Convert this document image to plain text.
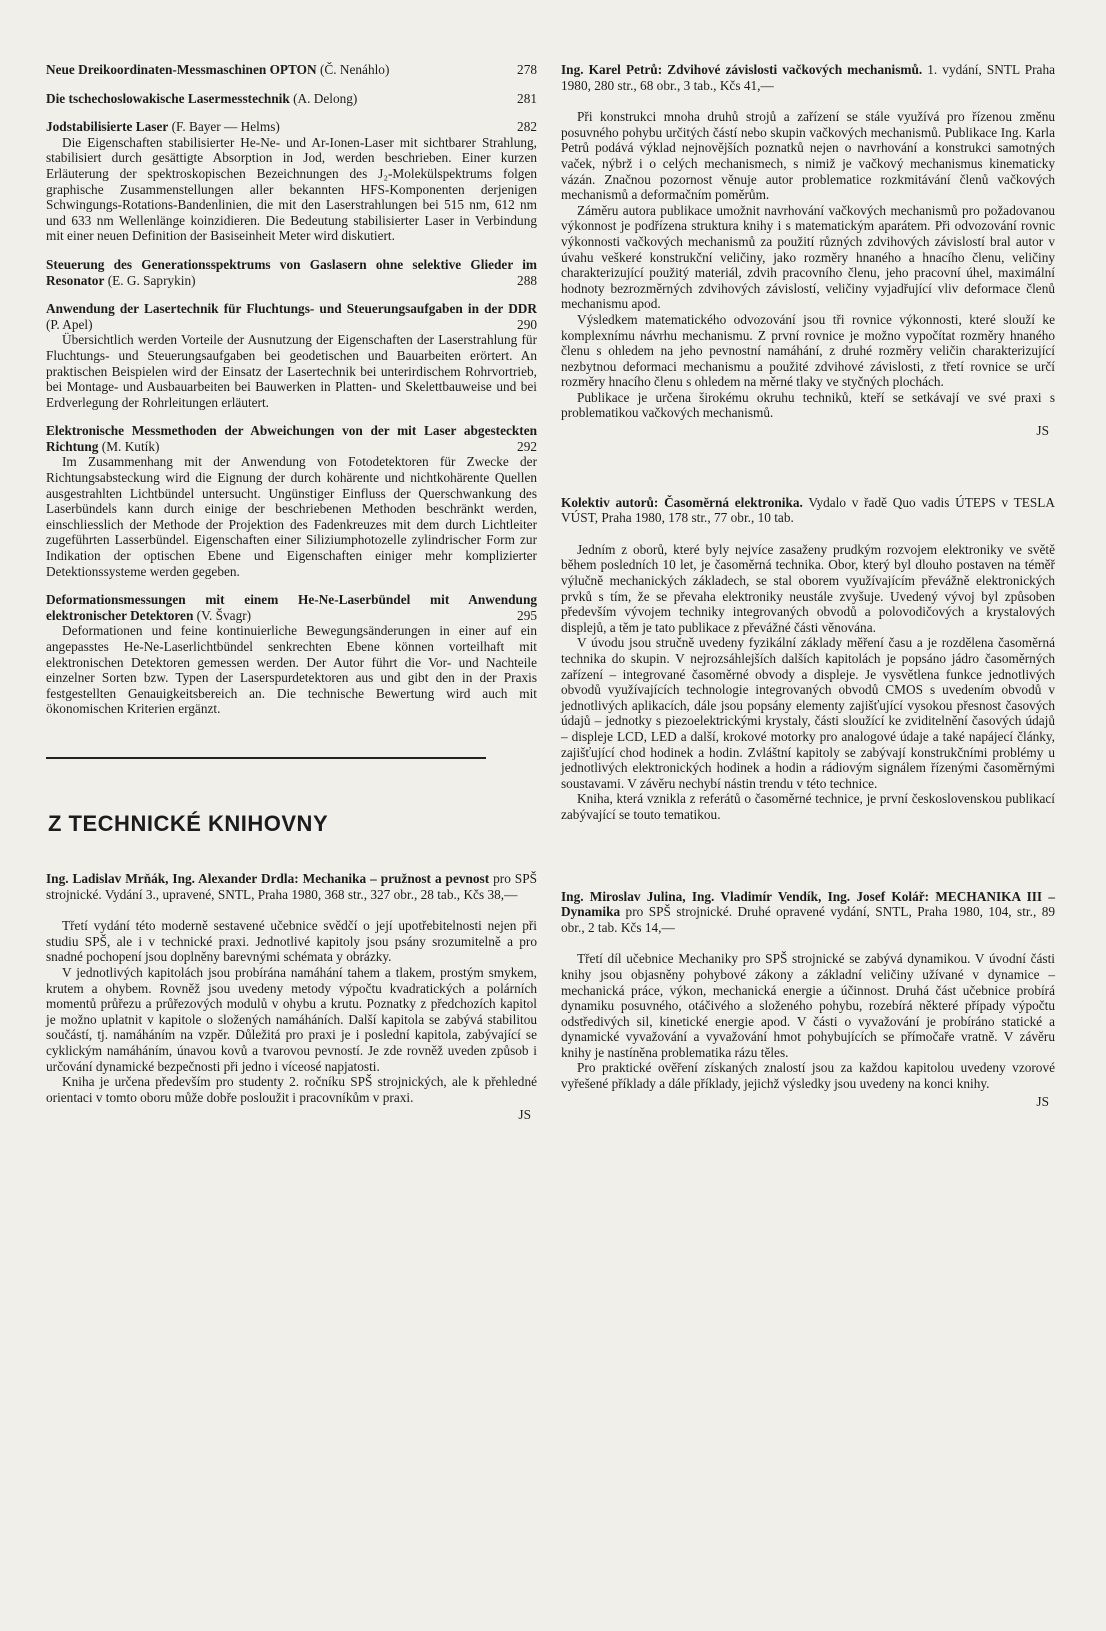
Neue Dreikoordinaten-Messmaschinen OPTON (Č. Nenáhlo)	278
Die tschechoslowakische Lasermesstechnik (A. Delong)	281
Jodstabilisierte Laser (F. Bayer — Helms)	282

Die Eigenschaften stabilisierter He-Ne- und Ar-Ionen-Laser mit sichtbarer Strahlung, stabilisiert durch gesättigte Absorption in Jod, werden beschrieben. Einer kurzen Erläuterung der spektroskopischen Bezeichnungen des J₂-Molekülspektrums folgen graphische Zusammenstellungen aller bekannten HFS-Komponenten derjenigen Schwingungs-Rotations-Bandenlinien, die mit den Laserstrahlungen bei 515 nm, 612 nm und 633 nm Wellenlänge koinzidieren. Die Bedeutung stabilisierter Laser in Verbindung mit einer neuen Definition der Basiseinheit Meter wird diskutiert.

Steuerung des Generationsspektrums von Gaslasern ohne selektive Glieder im Resonator (E. G. Saprykin)	288
Anwendung der Lasertechnik für Fluchtungs- und Steuerungsaufgaben in der DDR (P. Apel)	290

Übersichtlich werden Vorteile der Ausnutzung der Eigenschaften der Laserstrahlung für Fluchtungs- und Steuerungsaufgaben bei geodetischen und Bauarbeiten erörtert. An praktischen Beispielen wird der Einsatz der Lasertechnik bei unterirdischem Rohrvortrieb, bei Montage- und Ausbauarbeiten bei Bauwerken in Platten- und Skelettbauweise und bei Erdverlegung der Rohrleitungen erläutert.

Elektronische Messmethoden der Abweichungen von der mit Laser abgesteckten Richtung (M. Kutík)	292

Im Zusammenhang mit der Anwendung von Fotodetektoren für Zwecke der Richtungsabsteckung wird die Eignung der durch kohärente und nichtkohärente Quellen ausgestrahlten Lichtbündel untersucht. Ungünstiger Einfluss der Querschwankung des Laserbündels kann durch einige der beschriebenen Methoden beschränkt werden, einschliesslich der Methode der Projektion des Fadenkreuzes mit dem durch Lichtleiter zugeführten Lasserbündel. Eigenschaften einer Siliziumphotozelle zylindrischer Form zur Indikation der optischen Ebene und Eigenschaften einiger mehr komplizierter Detektionssysteme werden gegeben.

Deformationsmessungen mit einem He-Ne-Laserbündel mit Anwendung elektronischer Detektoren (V. Švagr)	295

Deformationen und feine kontinuierliche Bewegungsänderungen in einer auf ein angepasstes He-Ne-Laserlichtbündel senkrechten Ebene können vorteilhaft mit elektronischen Detektoren gemessen werden. Der Autor führt die Vor- und Nachteile einzelner Sorten bzw. Typen der Laserspurdetektoren aus und gibt den in der Praxis festgestellten Genauigkeitsbereich an. Die technische Bewertung wird auch mit ökonomischen Kriterien ergänzt.

Z TECHNICKÉ KNIHOVNY

Ing. Ladislav Mrňák, Ing. Alexander Drdla: Mechanika – pružnost a pevnost pro SPŠ strojnické. Vydání 3., upravené, SNTL, Praha 1980, 368 str., 327 obr., 28 tab., Kčs 38,—

Třetí vydání této moderně sestavené učebnice svědčí o její upotřebitelnosti nejen při studiu SPŠ, ale i v technické praxi. Jednotlivé kapitoly jsou psány srozumitelně a pro snadné pochopení jsou doplněny barevnými schémata y obrázky.

V jednotlivých kapitolách jsou probírána namáhání tahem a tlakem, prostým smykem, krutem a ohybem. Rovněž jsou uvedeny metody výpočtu kvadratických a polárních momentů průřezu a průřezových modulů v ohybu a krutu. Poznatky z předchozích kapitol je možno uplatnit v kapitole o složených namáháních. Další kapitola se zabývá stabilitou součástí, tj. namáháním na vzpěr. Důležitá pro praxi je i poslední kapitola, zabývající se cyklickým namáháním, únavou kovů a tvarovou pevností. Je zde rovněž uveden způsob i určování dynamické bezpečnosti při jedno i víceosé napjatosti.

Kniha je určena především pro studenty 2. ročníku SPŠ strojnických, ale k přehledné orientaci v tomto oboru může dobře posloužit i pracovníkům v praxi.

JS

Ing. Karel Petrů: Zdvihové závislosti vačkových mechanismů. 1. vydání, SNTL Praha 1980, 280 str., 68 obr., 3 tab., Kčs 41,—

Při konstrukci mnoha druhů strojů a zařízení se stále využívá pro řízenou změnu posuvného pohybu určitých částí nebo skupin vačkových mechanismů. Publikace Ing. Karla Petrů podává výklad nejnovějších poznatků nejen o navrhování a konstrukci samotných vaček, nýbrž i o celých mechanismech, s nimiž je vačkový mechanismus kinematicky vázán. Značnou pozornost věnuje autor problematice rozkmitávání členů vačkových mechanismů a deformačním poměrům.

Záměru autora publikace umožnit navrhování vačkových mechanismů pro požadovanou výkonnost je podřízena struktura knihy i s matematickým aparátem. Při odvozování rovnic výkonnosti vačkových mechanismů za použití různých zdvihových závislostí bral autor v úvahu veškeré konstrukční veličiny, jako rozměry hnaného a hnacího členu, veličiny charakterizující použitý materiál, zdvih pracovního členu, jeho pracovní úhel, maximální hodnoty bezrozměrných zdvihových závislostí, veličiny vyjadřující vliv deformace členů mechanismu apod.

Výsledkem matematického odvozování jsou tři rovnice výkonnosti, které slouží ke komplexnímu návrhu mechanismu. Z první rovnice je možno vypočítat rozměry hnaného členu s ohledem na jeho pevnostní namáhání, z druhé rozměry veličin charakterizující nezbytnou deformaci mechanismu a použité zdvihové závislosti, z třetí rovnice se určí rozměry hnacího členu s ohledem na měrné tlaky ve styčných plochách.

Publikace je určena širokému okruhu techniků, kteří se setkávají ve své praxi s problematikou vačkových mechanismů.

JS

Kolektiv autorů: Časoměrná elektronika. Vydalo v řadě Quo vadis ÚTEPS v TESLA VÚST, Praha 1980, 178 str., 77 obr., 10 tab.

Jedním z oborů, které byly nejvíce zasaženy prudkým rozvojem elektroniky ve světě během posledních 10 let, je časoměrná technika. Obor, který byl dlouho postaven na téměř výlučně mechanických základech, se stal oborem využívajícím převážně elektronických prvků s tím, že se převaha elektroniky neustále zvyšuje. Uvedený vývoj byl způsoben především vývojem techniky integrovaných obvodů a polovodičových a krystalových displejů, a těm je tato publikace z převážné části věnována.

V úvodu jsou stručně uvedeny fyzikální základy měření času a je rozdělena časoměrná technika do skupin. V nejrozsáhlejších dalších kapitolách je popsáno jádro časoměrných zařízení – integrované časoměrné obvody a displeje. Je vysvětlena funkce jednotlivých obvodů využívajících technologie integrovaných obvodů CMOS s uvedením obvodů v jednotlivých aplikacích, dále jsou popsány elementy zajišťující vysokou přesnost časových údajů – jednotky s piezoelektrickými krystaly, části sloužící ke zviditelnění časových údajů – displeje LCD, LED a další, krokové motorky pro analogové údaje a také napájecí články, zajišťující chod hodinek a hodin. Zvláštní kapitoly se zabývají konstrukčními problémy u jednotlivých elektronických hodinek a hodin a rádiovým signálem řízenými časoměrnými soustavami. V závěru nechybí nástin trendu v této technice.

Kniha, která vznikla z referátů o časoměrné technice, je první československou publikací zabývající se touto tematikou.

Ing. Miroslav Julina, Ing. Vladimír Vendík, Ing. Josef Kolář: MECHANIKA III – Dynamika pro SPŠ strojnické. Druhé opravené vydání, SNTL, Praha 1980, 104, str., 89 obr., 2 tab. Kčs 14,—

Třetí díl učebnice Mechaniky pro SPŠ strojnické se zabývá dynamikou. V úvodní části knihy jsou objasněny pohybové zákony a základní veličiny užívané v dynamice – mechanická práce, výkon, mechanická energie a účinnost. Druhá část učebnice probírá dynamiku posuvného, otáčivého a složeného pohybu, rozebírá některé případy výpočtu odstředivých sil, kinetické energie apod. V části o vyvažování je probíráno statické a dynamické vyvažování a vyvažování hmot pohybujících se přímočaře vratně. V závěru knihy je nastíněna problematika rázu těles.

Pro praktické ověření získaných znalostí jsou za každou kapitolou uvedeny vzorové vyřešené příklady a dále příklady, jejichž výsledky jsou uvedeny na konci knihy.

JS
